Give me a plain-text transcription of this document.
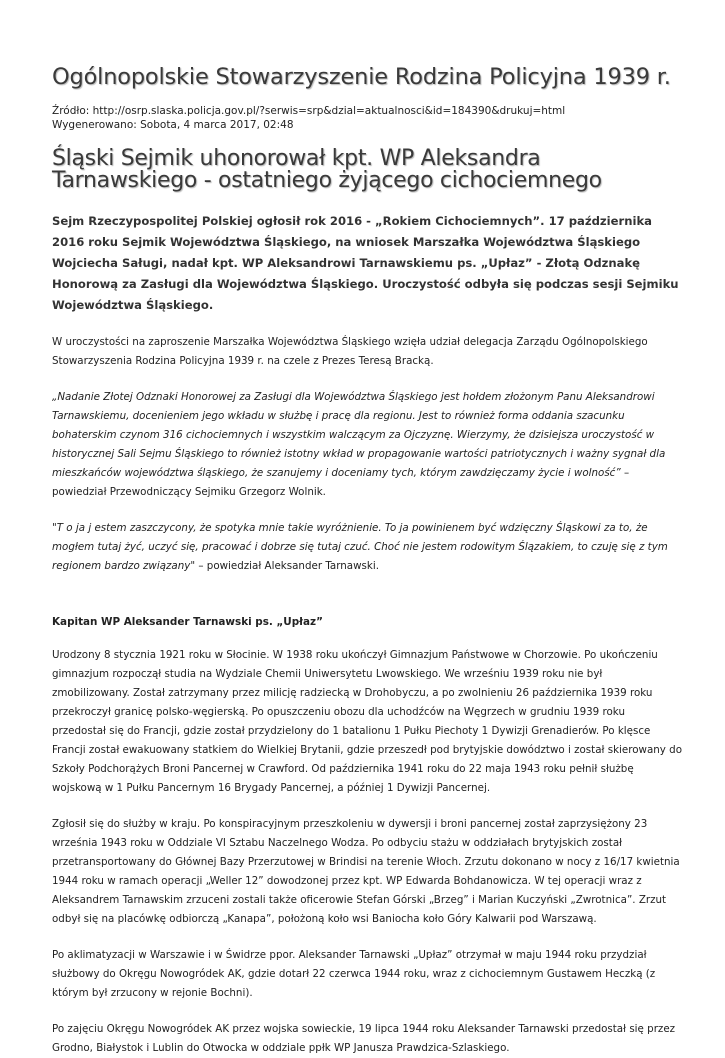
Ogólnopolskie Stowarzyszenie Rodzina Policyjna 1939 r.
Źródło: http://osrp.slaska.policja.gov.pl/?serwis=srp&dzial=aktualnosci&id=184390&drukuj=html
Wygenerowano: Sobota, 4 marca 2017, 02:48
Śląski Sejmik uhonorował kpt. WP Aleksandra Tarnawskiego - ostatniego żyjącego cichociemnego

Sejm Rzeczypospolitej Polskiej ogłosił rok 2016 - „Rokiem Cichociemnych”. 17 października 2016 roku Sejmik Województwa Śląskiego, na wniosek Marszałka Województwa Śląskiego Wojciecha Saługi, nadał kpt. WP Aleksandrowi Tarnawskiemu ps. „Upłaz” - Złotą Odznakę Honorową za Zasługi dla Województwa Śląskiego. Uroczystość odbyła się podczas sesji Sejmiku Województwa Śląskiego.

W uroczystości na zaproszenie Marszałka Województwa Śląskiego wzięła udział delegacja Zarządu Ogólnopolskiego Stowarzyszenia Rodzina Policyjna 1939 r. na czele z Prezes Teresą Bracką.

„Nadanie Złotej Odznaki Honorowej za Zasługi dla Województwa Śląskiego jest hołdem złożonym Panu Aleksandrowi Tarnawskiemu, docenieniem jego wkładu w służbę i pracę dla regionu. Jest to również forma oddania szacunku bohaterskim czynom 316 cichociemnych i wszystkim walczącym za Ojczyznę. Wierzymy, że dzisiejsza uroczystość w historycznej Sali Sejmu Śląskiego to również istotny wkład w propagowanie wartości patriotycznych i ważny sygnał dla mieszkańców województwa śląskiego, że szanujemy i doceniamy tych, którym zawdzięczamy życie i wolność” – powiedział Przewodniczący Sejmiku Grzegorz Wolnik.

"T o ja j estem zaszczycony, że spotyka mnie takie wyróżnienie. To ja powinienem być wdzięczny Śląskowi za to, że mogłem tutaj żyć, uczyć się, pracować i dobrze się tutaj czuć. Choć nie jestem rodowitym Ślązakiem, to czuję się z tym regionem bardzo związany" – powiedział Aleksander Tarnawski.

Kapitan WP Aleksander Tarnawski ps. „Upłaz”

Urodzony 8 stycznia 1921 roku w Słocinie. W 1938 roku ukończył Gimnazjum Państwowe w Chorzowie. Po ukończeniu gimnazjum rozpoczął studia na Wydziale Chemii Uniwersytetu Lwowskiego. We wrześniu 1939 roku nie był zmobilizowany. Został zatrzymany przez milicję radziecką w Drohobyczu, a po zwolnieniu 26 października 1939 roku przekroczył granicę polsko-węgierską. Po opuszczeniu obozu dla uchodźców na Węgrzech w grudniu 1939 roku przedostał się do Francji, gdzie został przydzielony do 1 batalionu 1 Pułku Piechoty 1 Dywizji Grenadierów. Po klęsce Francji został ewakuowany statkiem do Wielkiej Brytanii, gdzie przeszedł pod brytyjskie dowództwo i został skierowany do Szkoły Podchorążych Broni Pancernej w Crawford. Od października 1941 roku do 22 maja 1943 roku pełnił służbę wojskową w 1 Pułku Pancernym 16 Brygady Pancernej, a później 1 Dywizji Pancernej.

Zgłosił się do służby w kraju. Po konspiracyjnym przeszkoleniu w dywersji i broni pancernej został zaprzysiężony 23 września 1943 roku w Oddziale VI Sztabu Naczelnego Wodza. Po odbyciu stażu w oddziałach brytyjskich został przetransportowany do Głównej Bazy Przerzutowej w Brindisi na terenie Włoch. Zrzutu dokonano w nocy z 16/17 kwietnia 1944 roku w ramach operacji „Weller 12” dowodzonej przez kpt. WP Edwarda Bohdanowicza. W tej operacji wraz z Aleksandrem Tarnawskim zrzuceni zostali także oficerowie Stefan Górski „Brzeg” i Marian Kuczyński „Zwrotnica”. Zrzut odbył się na placówkę odbiorczą „Kanapa”, położoną koło wsi Baniocha koło Góry Kalwarii pod Warszawą.

Po aklimatyzacji w Warszawie i w Świdrze ppor. Aleksander Tarnawski „Upłaz” otrzymał w maju 1944 roku przydział służbowy do Okręgu Nowogródek AK, gdzie dotarł 22 czerwca 1944 roku, wraz z cichociemnym Gustawem Heczką (z którym był zrzucony w rejonie Bochni).

Po zajęciu Okręgu Nowogródek AK przez wojska sowieckie, 19 lipca 1944 roku Aleksander Tarnawski przedostał się przez Grodno, Białystok i Lublin do Otwocka w oddziale ppłk WP Janusza Prawdzica-Szlaskiego.
